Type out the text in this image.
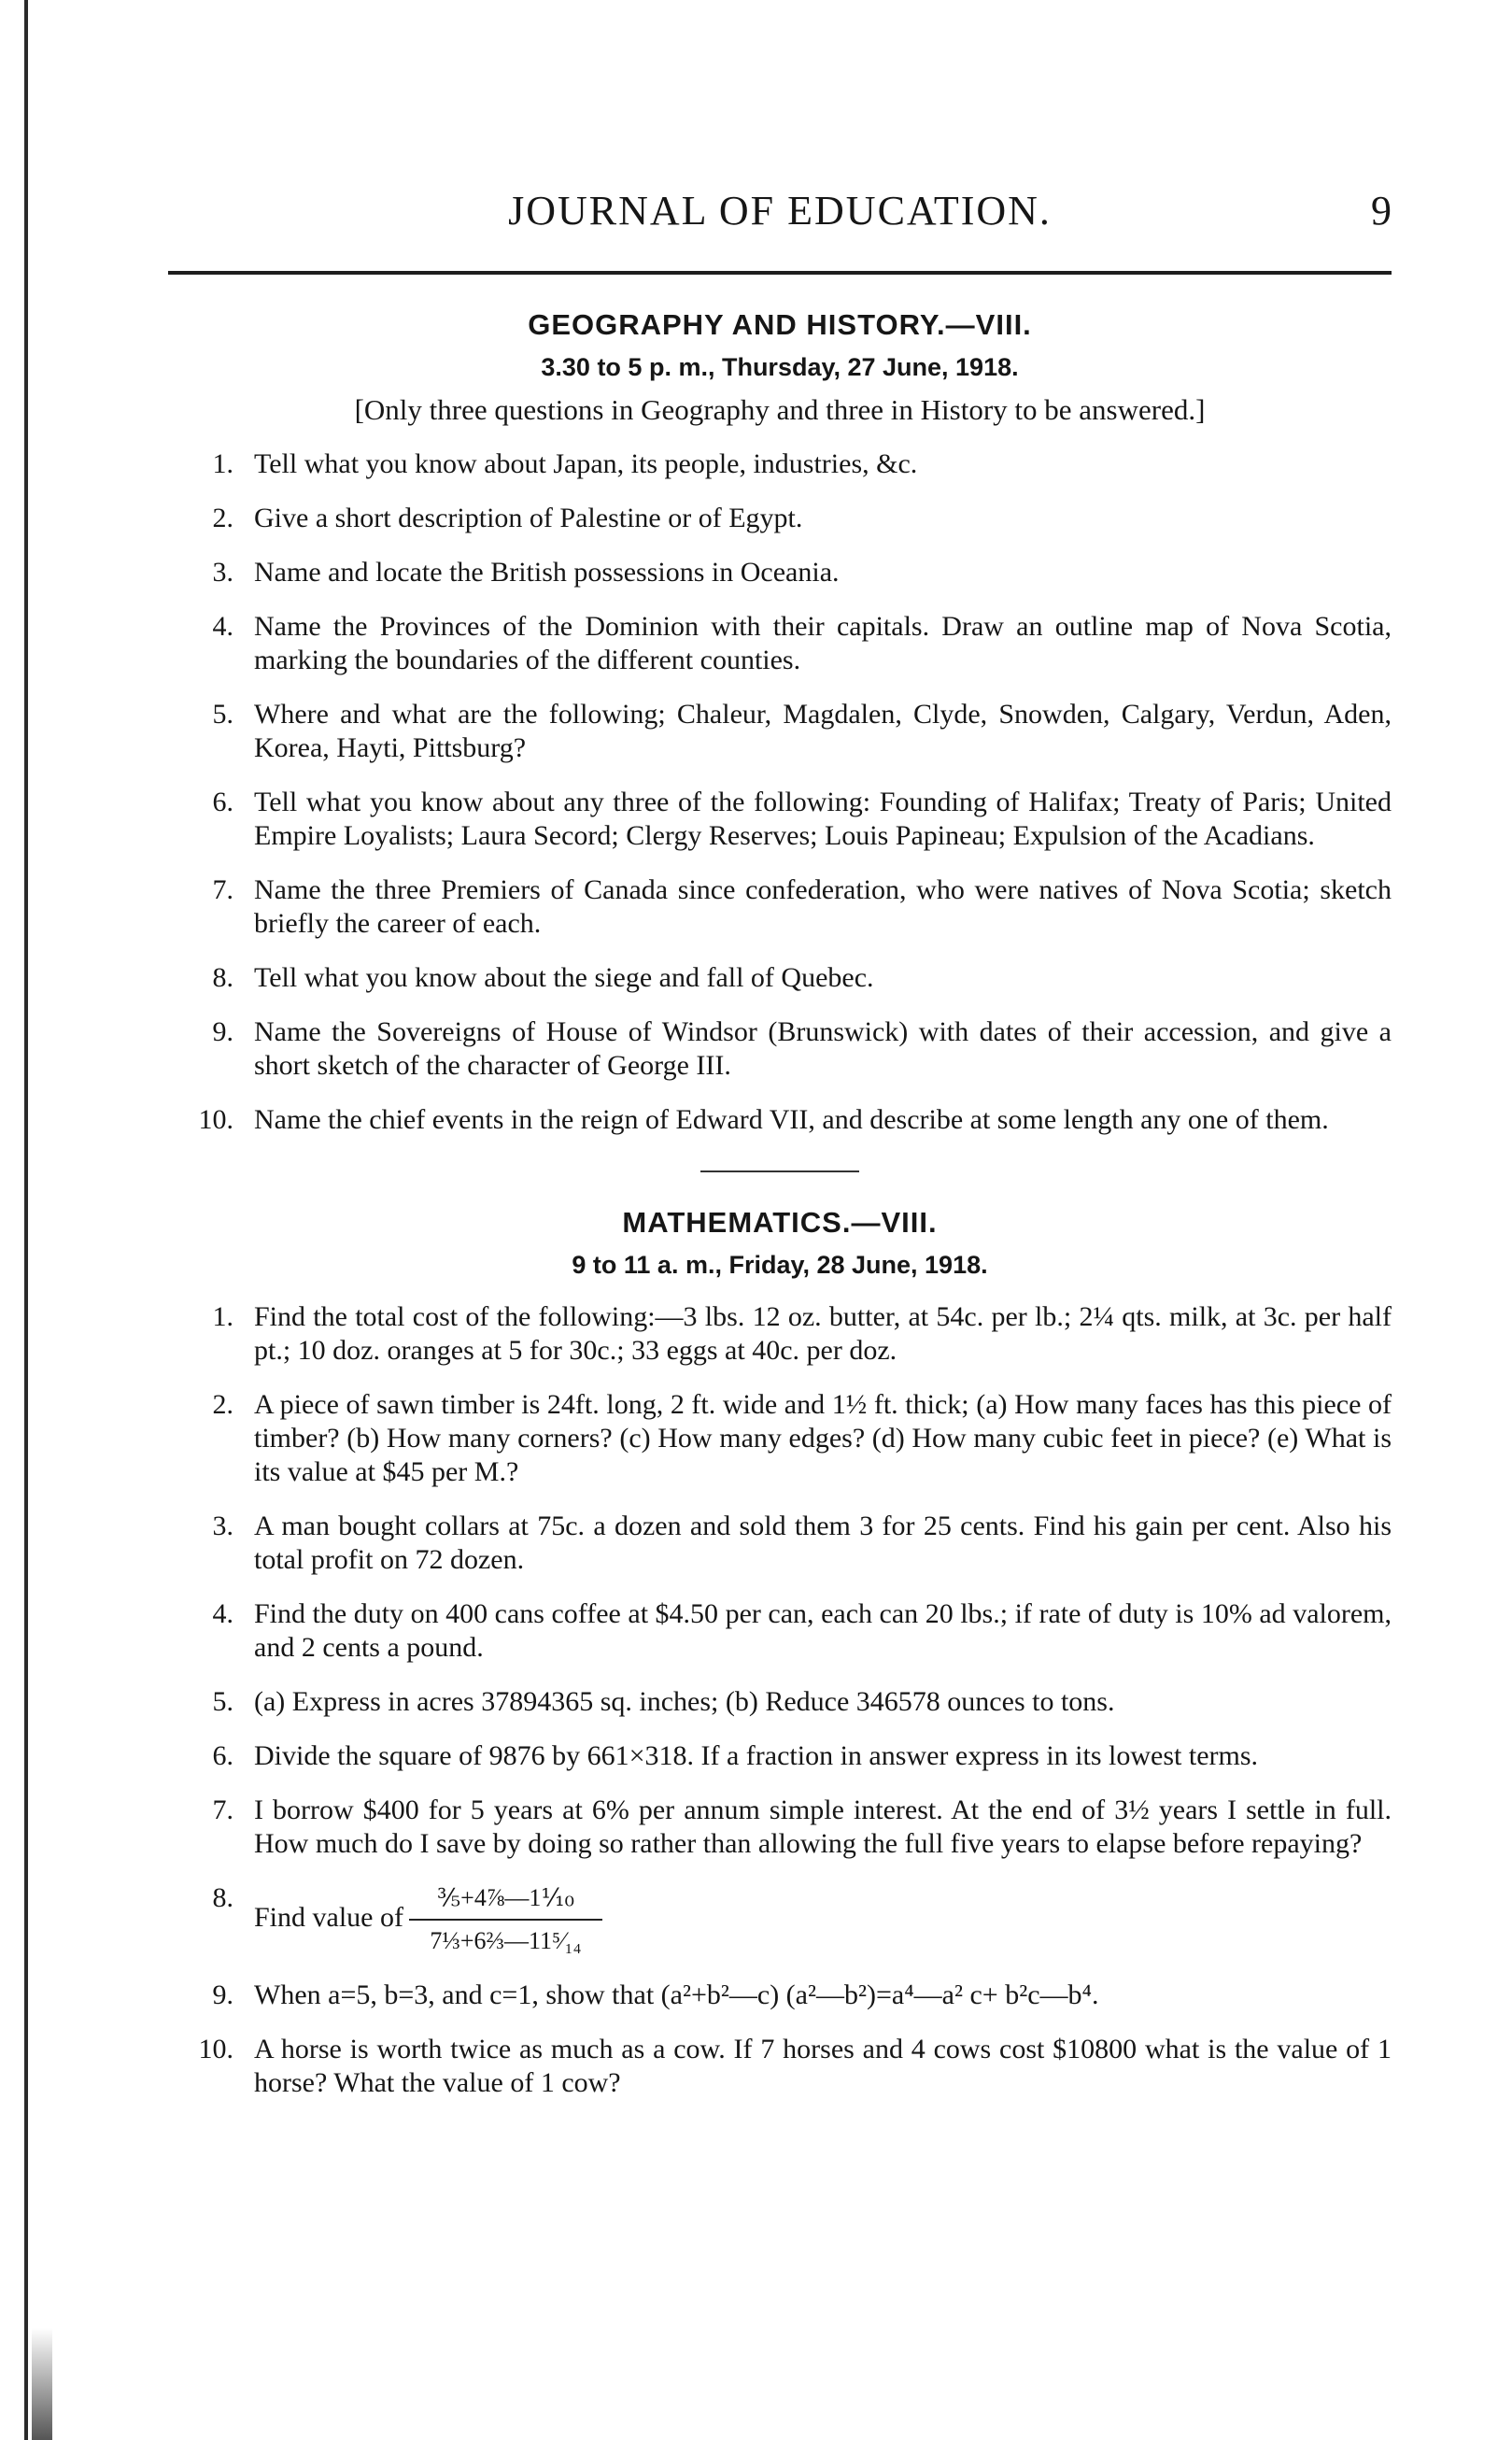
JOURNAL OF EDUCATION.	9
GEOGRAPHY AND HISTORY.—VIII.
3.30 to 5 p. m., Thursday, 27 June, 1918.
[Only three questions in Geography and three in History to be answered.]
1. Tell what you know about Japan, its people, industries, &c.
2. Give a short description of Palestine or of Egypt.
3. Name and locate the British possessions in Oceania.
4. Name the Provinces of the Dominion with their capitals. Draw an outline map of Nova Scotia, marking the boundaries of the different counties.
5. Where and what are the following; Chaleur, Magdalen, Clyde, Snowden, Calgary, Verdun, Aden, Korea, Hayti, Pittsburg?
6. Tell what you know about any three of the following: Founding of Halifax; Treaty of Paris; United Empire Loyalists; Laura Secord; Clergy Reserves; Louis Papineau; Expulsion of the Acadians.
7. Name the three Premiers of Canada since confederation, who were natives of Nova Scotia; sketch briefly the career of each.
8. Tell what you know about the siege and fall of Quebec.
9. Name the Sovereigns of House of Windsor (Brunswick) with dates of their accession, and give a short sketch of the character of George III.
10. Name the chief events in the reign of Edward VII, and describe at some length any one of them.
MATHEMATICS.—VIII.
9 to 11 a. m., Friday, 28 June, 1918.
1. Find the total cost of the following:—3 lbs. 12 oz. butter, at 54c. per lb.; 2¼ qts. milk, at 3c. per half pt.; 10 doz. oranges at 5 for 30c.; 33 eggs at 40c. per doz.
2. A piece of sawn timber is 24ft. long, 2 ft. wide and 1½ ft. thick; (a) How many faces has this piece of timber? (b) How many corners? (c) How many edges? (d) How many cubic feet in piece? (e) What is its value at $45 per M.?
3. A man bought collars at 75c. a dozen and sold them 3 for 25 cents. Find his gain per cent. Also his total profit on 72 dozen.
4. Find the duty on 400 cans coffee at $4.50 per can, each can 20 lbs.; if rate of duty is 10% ad valorem, and 2 cents a pound.
5. (a) Express in acres 37894365 sq. inches; (b) Reduce 346578 ounces to tons.
6. Divide the square of 9876 by 661×318. If a fraction in answer express in its lowest terms.
7. I borrow $400 for 5 years at 6% per annum simple interest. At the end of 3½ years I settle in full. How much do I save by doing so rather than allowing the full five years to elapse before repaying?
8.
Find value of $\frac{\text{⅗+4⅞—1⅒}}{\text{7⅓+6⅔—11⁵⁄₁₄}}$
9. When a=5, b=3, and c=1, show that (a²+b²—c) (a²—b²)=a⁴—a² c+ b²c—b⁴.
10. A horse is worth twice as much as a cow. If 7 horses and 4 cows cost $10800 what is the value of 1 horse? What the value of 1 cow?
